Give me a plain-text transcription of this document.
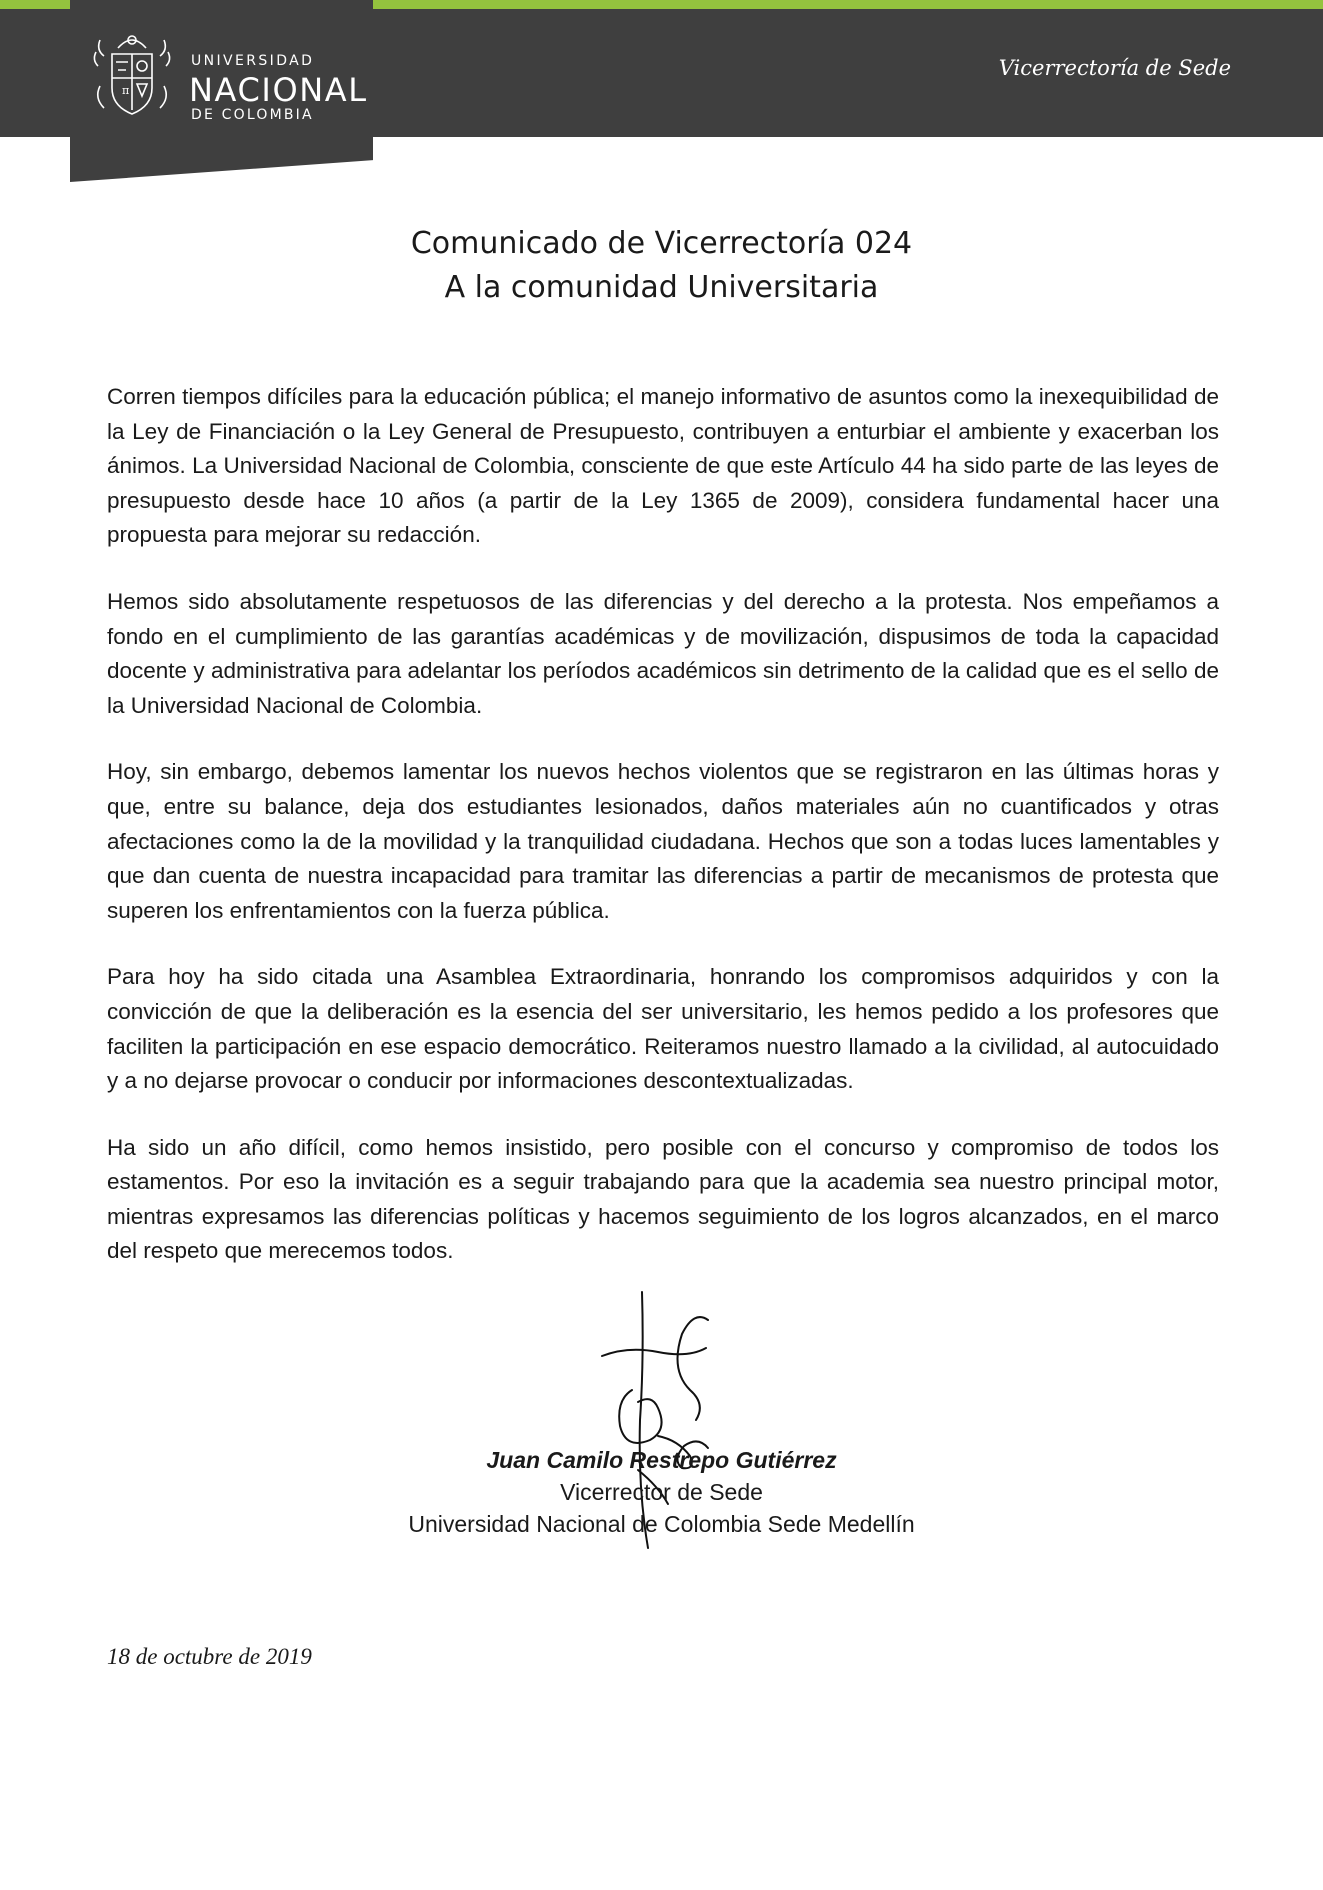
π
UNIVERSIDAD
NACIONAL
DE COLOMBIA
Vicerrectoría de Sede
Comunicado de Vicerrectoría 024
A la comunidad Universitaria

Corren tiempos difíciles para la educación pública; el manejo informativo de asuntos como la inexequibilidad de la Ley de Financiación o la Ley General de Presupuesto, contribuyen a enturbiar el ambiente y exacerban los ánimos. La Universidad Nacional de Colombia, consciente de que este Artículo 44 ha sido parte de las leyes de presupuesto desde hace 10 años (a partir de la Ley 1365 de 2009), considera fundamental hacer una propuesta para mejorar su redacción.

Hemos sido absolutamente respetuosos de las diferencias y del derecho a la protesta. Nos empeñamos a fondo en el cumplimiento de las garantías académicas y de movilización, dispusimos de toda la capacidad docente y administrativa para adelantar los períodos académicos sin detrimento de la calidad que es el sello de la Universidad Nacional de Colombia.

Hoy, sin embargo, debemos lamentar los nuevos hechos violentos que se registraron en las últimas horas y que, entre su balance, deja dos estudiantes lesionados, daños materiales aún no cuantificados y otras afectaciones como la de la movilidad y la tranquilidad ciudadana. Hechos que son a todas luces lamentables y que dan cuenta de nuestra incapacidad para tramitar las diferencias a partir de mecanismos de protesta que superen los enfrentamientos con la fuerza pública.

Para hoy ha sido citada una Asamblea Extraordinaria, honrando los compromisos adquiridos y con la convicción de que la deliberación es la esencia del ser universitario, les hemos pedido a los profesores que faciliten la participación en ese espacio democrático. Reiteramos nuestro llamado a la civilidad, al autocuidado y a no dejarse provocar o conducir por informaciones descontextualizadas.

Ha sido un año difícil, como hemos insistido, pero posible con el concurso y compromiso de todos los estamentos. Por eso la invitación es a seguir trabajando para que la academia sea nuestro principal motor, mientras expresamos las diferencias políticas y hacemos seguimiento de los logros alcanzados, en el marco del respeto que merecemos todos.

Juan Camilo Restrepo Gutiérrez
Vicerrector de Sede
Universidad Nacional de Colombia Sede Medellín
18 de octubre de 2019
